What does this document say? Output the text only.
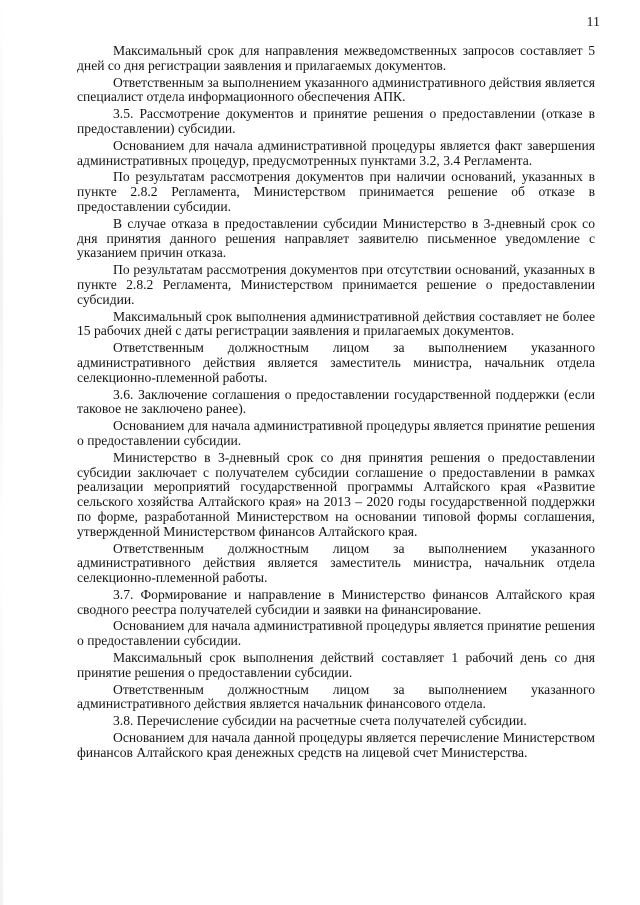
11

Максимальный срок для направления межведомственных запросов составляет 5 дней со дня регистрации заявления и прилагаемых документов.

Ответственным за выполнением указанного административного действия является специалист отдела информационного обеспечения АПК.

3.5. Рассмотрение документов и принятие решения о предоставлении (отказе в предоставлении) субсидии.

Основанием для начала административной процедуры является факт завершения административных процедур, предусмотренных пунктами 3.2, 3.4 Регламента.

По результатам рассмотрения документов при наличии оснований, указанных в пункте 2.8.2 Регламента, Министерством принимается решение об отказе в предоставлении субсидии.

В случае отказа в предоставлении субсидии Министерство в 3-дневный срок со дня принятия данного решения направляет заявителю письменное уведомление с указанием причин отказа.

По результатам рассмотрения документов при отсутствии оснований, указанных в пункте 2.8.2 Регламента, Министерством принимается решение о предоставлении субсидии.

Максимальный срок выполнения административной действия составляет не более 15 рабочих дней с даты регистрации заявления и прилагаемых документов.

Ответственным должностным лицом за выполнением указанного административного действия является заместитель министра, начальник отдела селекционно-племенной работы.

3.6. Заключение соглашения о предоставлении государственной поддержки (если таковое не заключено ранее).

Основанием для начала административной процедуры является принятие решения о предоставлении субсидии.

Министерство в 3-дневный срок со дня принятия решения о предоставлении субсидии заключает с получателем субсидии соглашение о предоставлении в рамках реализации мероприятий государственной программы Алтайского края «Развитие сельского хозяйства Алтайского края» на 2013 – 2020 годы государственной поддержки по форме, разработанной Министерством на основании типовой формы соглашения, утвержденной Министерством финансов Алтайского края.

Ответственным должностным лицом за выполнением указанного административного действия является заместитель министра, начальник отдела селекционно-племенной работы.

3.7. Формирование и направление в Министерство финансов Алтайского края сводного реестра получателей субсидии и заявки на финансирование.

Основанием для начала административной процедуры является принятие решения о предоставлении субсидии.

Максимальный срок выполнения действий составляет 1 рабочий день со дня принятие решения о предоставлении субсидии.

Ответственным должностным лицом за выполнением указанного административного действия является начальник финансового отдела.

3.8. Перечисление субсидии на расчетные счета получателей субсидии.

Основанием для начала данной процедуры является перечисление Министерством финансов Алтайского края денежных средств на лицевой счет Министерства.
